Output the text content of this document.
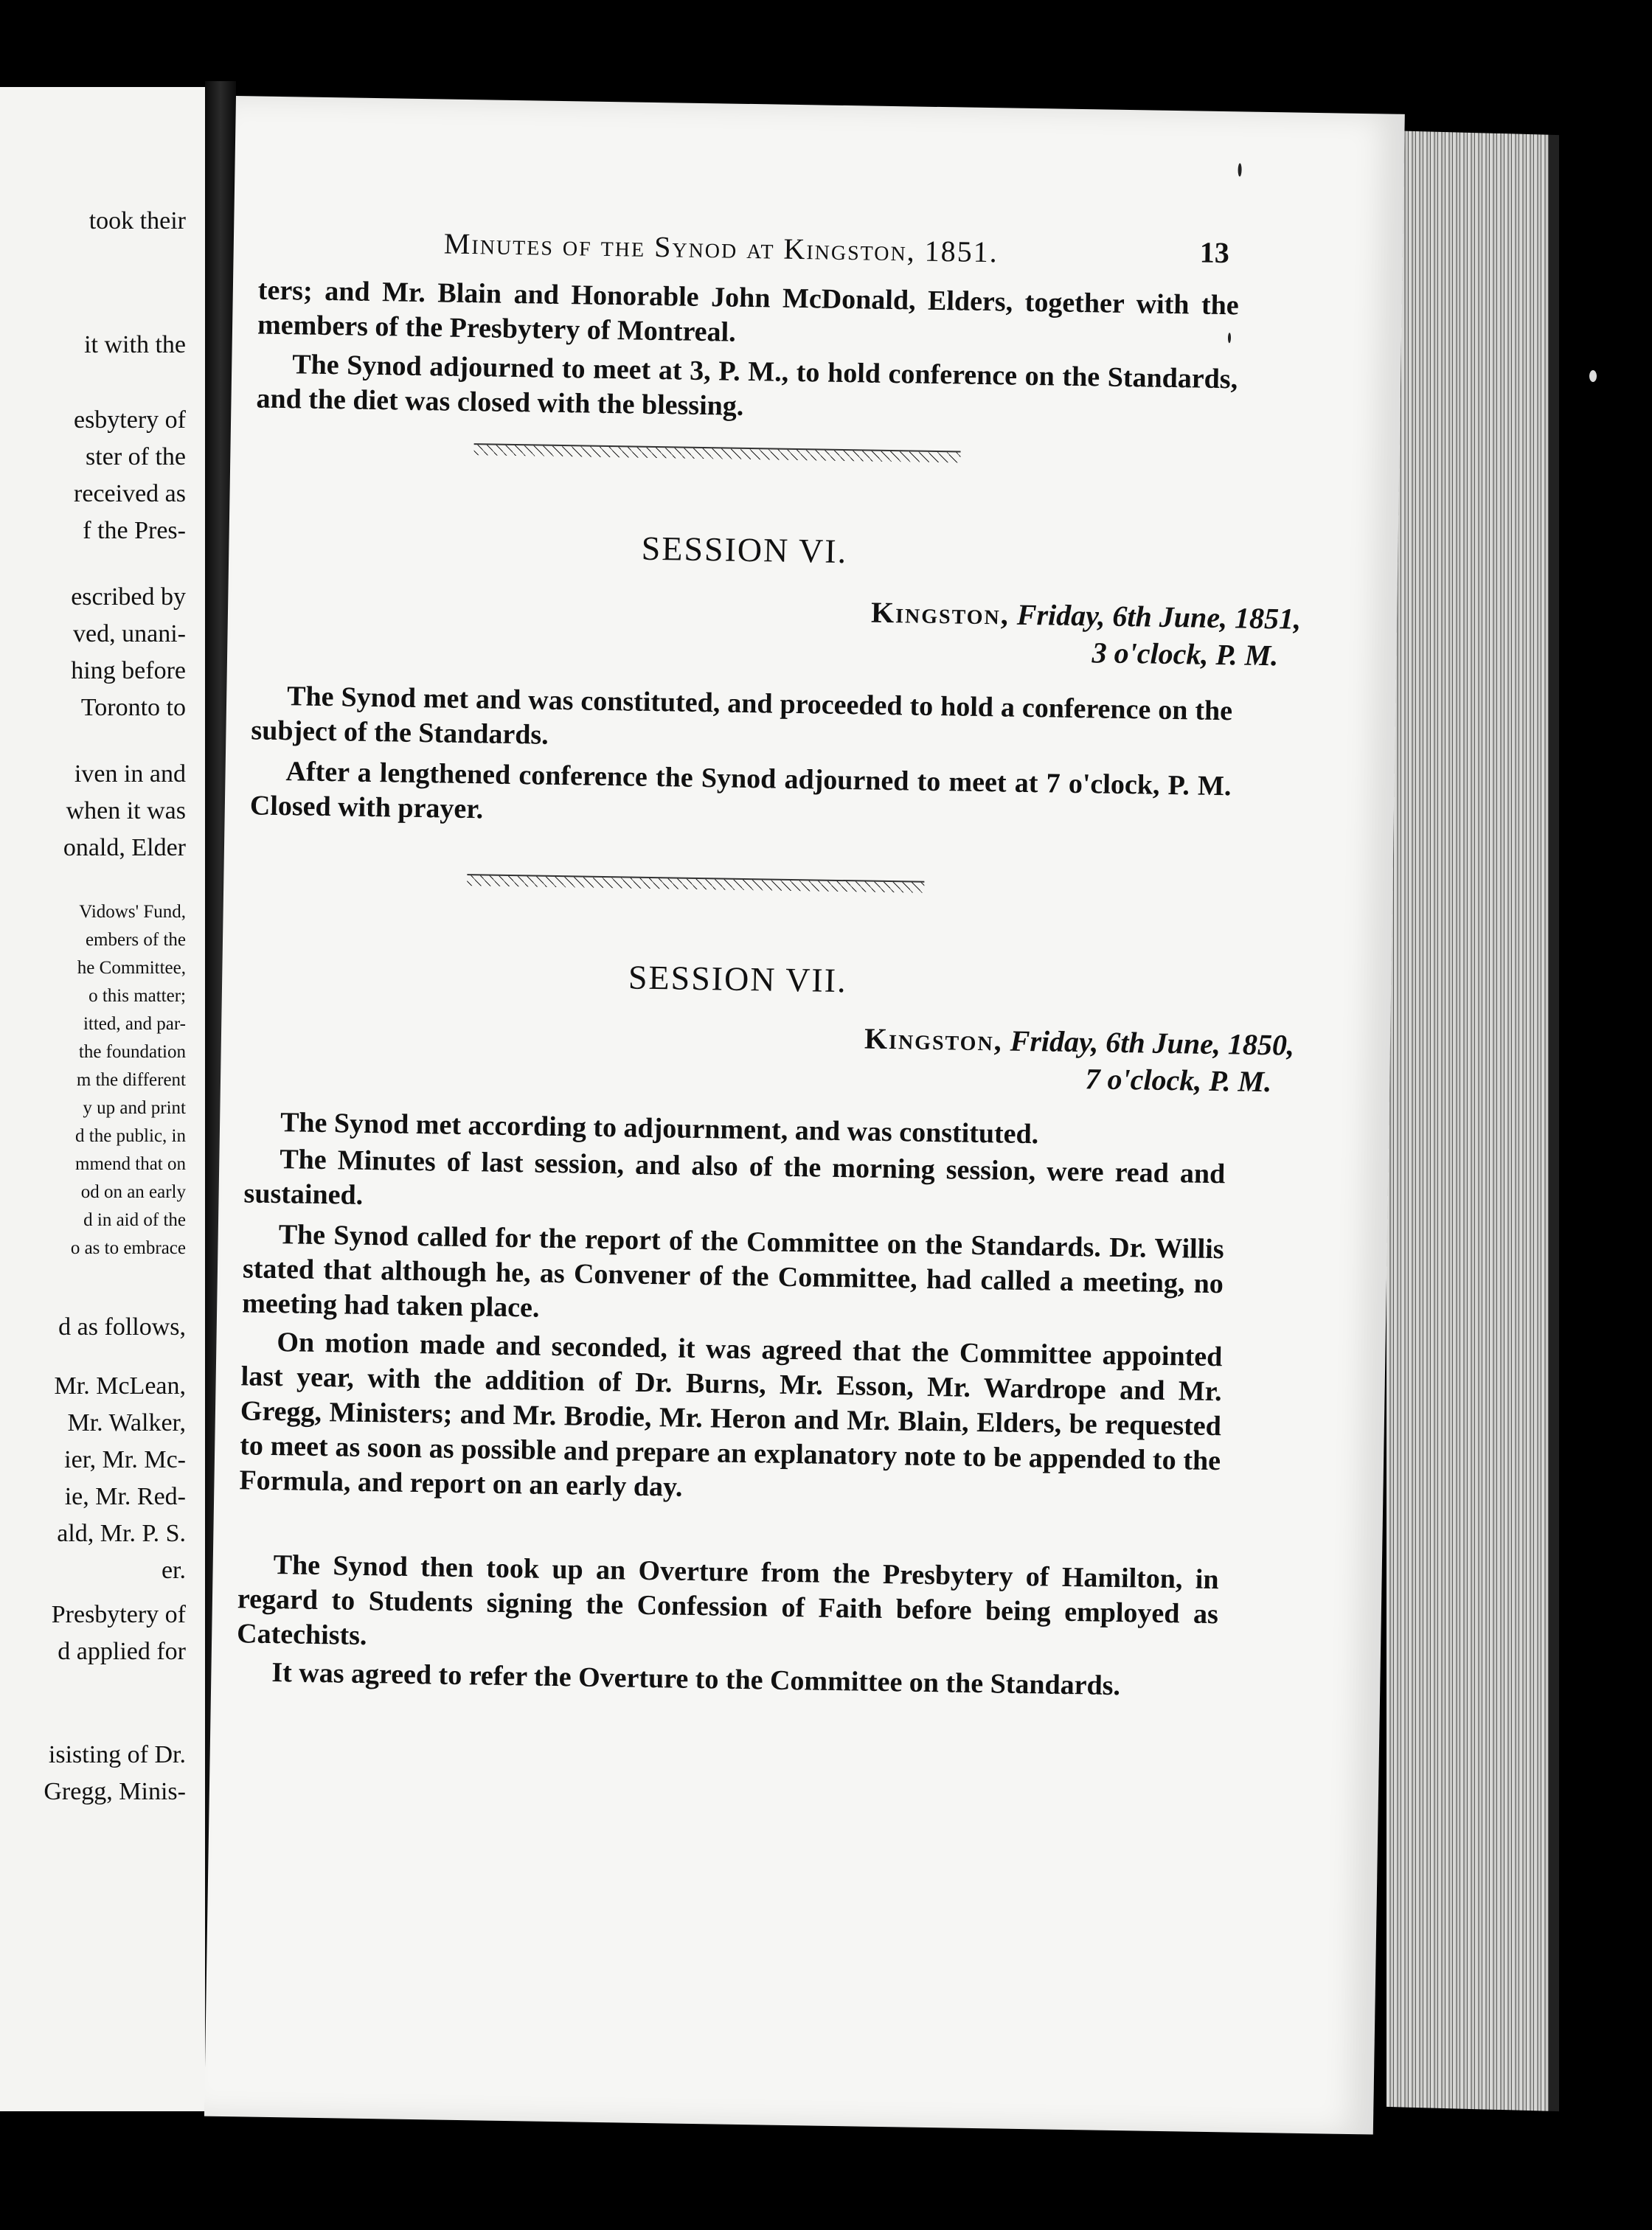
took their
it with the
esbytery of
ster of the
received as
f the Pres-
escribed by
ved, unani-
hing before
Toronto to
iven in and
when it was
onald, Elder
Vidows' Fund,
embers of the
he Committee,
o this matter;
itted, and par-
the foundation
m the different
y up and print
d the public, in
mmend that on
od on an early
d in aid of the
o as to embrace
d as follows,
Mr. McLean,
Mr. Walker,
ier, Mr. Mc-
ie, Mr. Red-
ald, Mr. P. S.
er.
Presbytery of
d applied for
isisting of Dr.
Gregg, Minis-
Minutes of the Synod at Kingston, 1851.	13

ters; and Mr. Blain and Honorable John McDonald, Elders, together with the members of the Presbytery of Montreal.

The Synod adjourned to meet at 3, P. M., to hold conference on the Standards, and the diet was closed with the blessing.

SESSION VI.
Kingston, Friday, 6th June, 1851,
3 o'clock, P. M.

The Synod met and was constituted, and proceeded to hold a conference on the subject of the Standards.

After a lengthened conference the Synod adjourned to meet at 7 o'clock, P. M. Closed with prayer.

SESSION VII.
Kingston, Friday, 6th June, 1850,
7 o'clock, P. M.

The Synod met according to adjournment, and was constituted.

The Minutes of last session, and also of the morning session, were read and sustained.

The Synod called for the report of the Committee on the Standards. Dr. Willis stated that although he, as Convener of the Committee, had called a meeting, no meeting had taken place.

On motion made and seconded, it was agreed that the Committee appointed last year, with the addition of Dr. Burns, Mr. Esson, Mr. Wardrope and Mr. Gregg, Ministers; and Mr. Brodie, Mr. Heron and Mr. Blain, Elders, be requested to meet as soon as possible and prepare an explanatory note to be appended to the Formula, and report on an early day.

The Synod then took up an Overture from the Presbytery of Hamilton, in regard to Students signing the Confession of Faith before being employed as Catechists.

It was agreed to refer the Overture to the Committee on the Standards.
